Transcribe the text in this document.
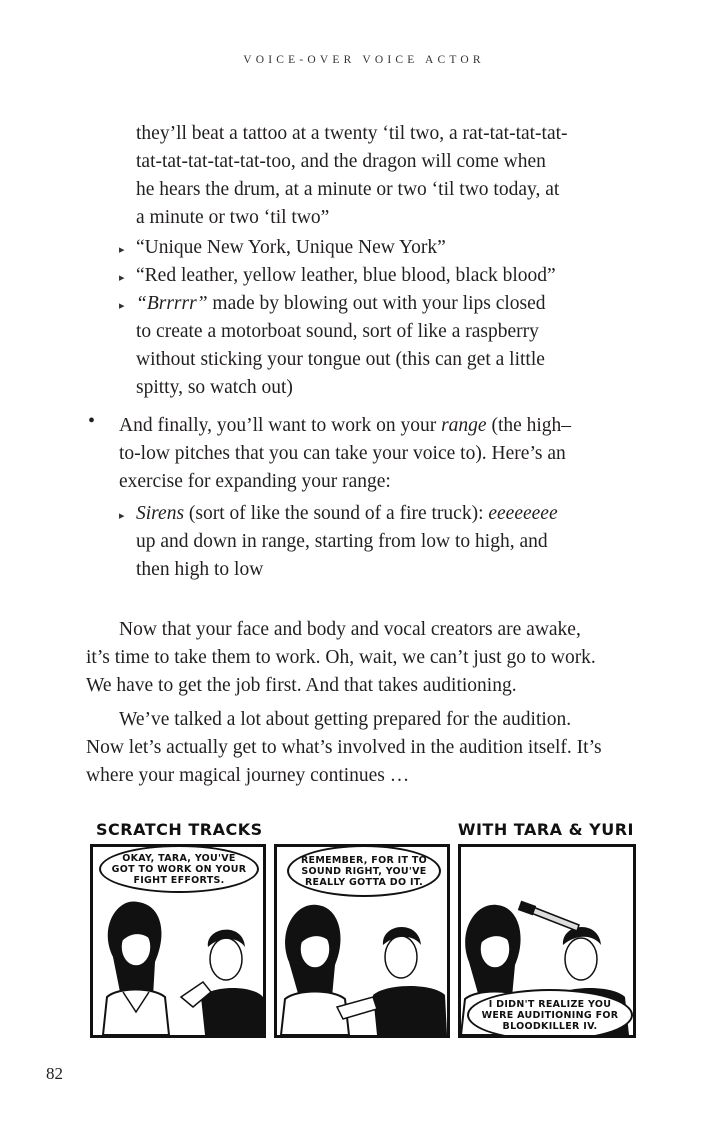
VOICE-OVER VOICE ACTOR
they’ll beat a tattoo at a twenty ‘til two, a rat-tat-tat-tat-
tat-tat-tat-tat-tat-too, and the dragon will come when
he hears the drum, at a minute or two ‘til two today, at
a minute or two ‘til two”
▸ “Unique New York, Unique New York”
▸ “Red leather, yellow leather, blue blood, black blood”
▸ “Brrrrr” made by blowing out with your lips closed
to create a motorboat sound, sort of like a raspberry
without sticking your tongue out (this can get a little
spitty, so watch out)
• And finally, you’ll want to work on your range (the high–
to-low pitches that you can take your voice to). Here’s an
exercise for expanding your range:
▸ Sirens (sort of like the sound of a fire truck): eeeeeeee
up and down in range, starting from low to high, and
then high to low
Now that your face and body and vocal creators are awake,
it’s time to take them to work. Oh, wait, we can’t just go to work.
We have to get the job first. And that takes auditioning.
We’ve talked a lot about getting prepared for the audition.
Now let’s actually get to what’s involved in the audition itself. It’s
where your magical journey continues …
SCRATCH TRACKS	WITH TARA & YURI
OKAY, TARA, YOU'VE GOT TO WORK ON YOUR FIGHT EFFORTS.
REMEMBER, FOR IT TO SOUND RIGHT, YOU'VE REALLY GOTTA DO IT.
I DIDN'T REALIZE YOU WERE AUDITIONING FOR BLOODKILLER IV.
82
